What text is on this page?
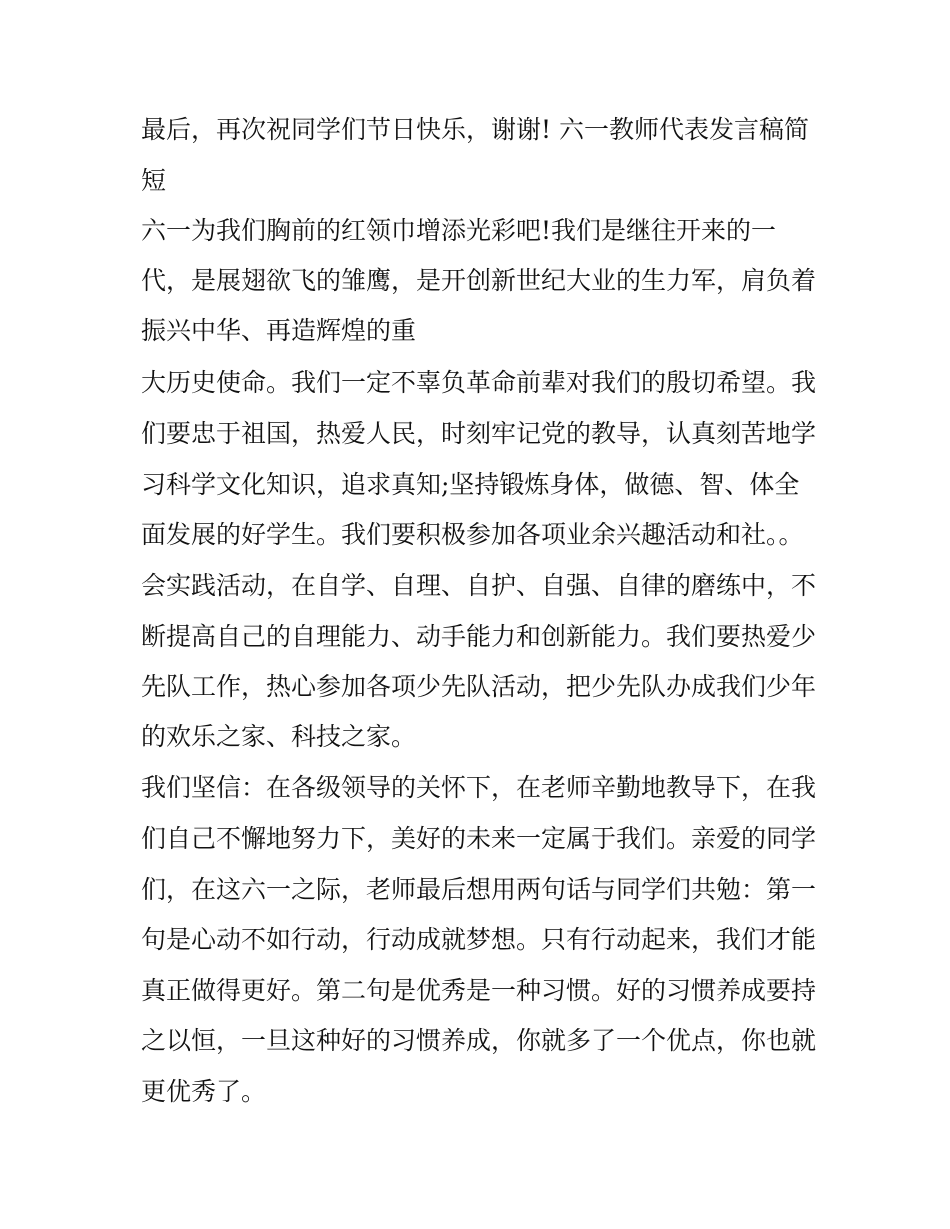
最后，再次祝同学们节日快乐，谢谢! 六一教师代表发言稿简

短

六一为我们胸前的红领巾增添光彩吧!我们是继往开来的一

代，是展翅欲飞的雏鹰，是开创新世纪大业的生力军，肩负着

振兴中华、再造辉煌的重

大历史使命。我们一定不辜负革命前辈对我们的殷切希望。我

们要忠于祖国，热爱人民，时刻牢记党的教导，认真刻苦地学

习科学文化知识，追求真知;坚持锻炼身体，做德、智、体全

面发展的好学生。我们要积极参加各项业余兴趣活动和社。。

会实践活动，在自学、自理、自护、自强、自律的磨练中，不

断提高自己的自理能力、动手能力和创新能力。我们要热爱少

先队工作，热心参加各项少先队活动，把少先队办成我们少年

的欢乐之家、科技之家。

我们坚信：在各级领导的关怀下，在老师辛勤地教导下，在我

们自己不懈地努力下，美好的未来一定属于我们。亲爱的同学

们，在这六一之际，老师最后想用两句话与同学们共勉：第一

句是心动不如行动，行动成就梦想。只有行动起来，我们才能

真正做得更好。第二句是优秀是一种习惯。好的习惯养成要持

之以恒，一旦这种好的习惯养成，你就多了一个优点，你也就

更优秀了。
